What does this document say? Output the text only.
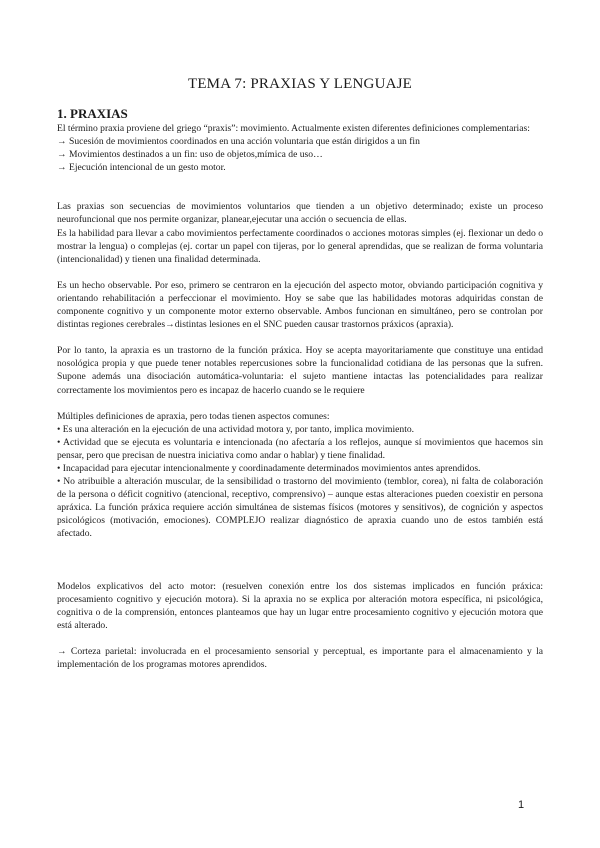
TEMA 7: PRAXIAS Y LENGUAJE
1. PRAXIAS

El término praxia proviene del griego “praxis”: movimiento. Actualmente existen diferentes definiciones complementarias:

→ Sucesión de movimientos coordinados en una acción voluntaria que están dirigidos a un fin

→ Movimientos destinados a un fin: uso de objetos,mímica de uso…

→ Ejecución intencional de un gesto motor.

Las praxias son secuencias de movimientos voluntarios que tienden a un objetivo determinado; existe un proceso neurofuncional que nos permite organizar, planear,ejecutar una acción o secuencia de ellas.

Es la habilidad para llevar a cabo movimientos perfectamente coordinados o acciones motoras simples (ej. flexionar un dedo o mostrar la lengua) o complejas (ej. cortar un papel con tijeras, por lo general aprendidas, que se realizan de forma voluntaria (intencionalidad) y tienen una finalidad determinada.

Es un hecho observable. Por eso, primero se centraron en la ejecución del aspecto motor, obviando participación cognitiva y orientando rehabilitación a perfeccionar el movimiento. Hoy se sabe que las habilidades motoras adquiridas constan de componente cognitivo y un componente motor externo observable. Ambos funcionan en simultáneo, pero se controlan por distintas regiones cerebrales→distintas lesiones en el SNC pueden causar trastornos práxicos (apraxia).

Por lo tanto, la apraxia es un trastorno de la función práxica. Hoy se acepta mayoritariamente que constituye una entidad nosológica propia y que puede tener notables repercusiones sobre la funcionalidad cotidiana de las personas que la sufren. Supone además una disociación automática-voluntaria: el sujeto mantiene intactas las potencialidades para realizar correctamente los movimientos pero es incapaz de hacerlo cuando se le requiere

Múltiples definiciones de apraxia, pero todas tienen aspectos comunes:

• Es una alteración en la ejecución de una actividad motora y, por tanto, implica movimiento.

• Actividad que se ejecuta es voluntaria e intencionada (no afectaría a los reflejos, aunque sí movimientos que hacemos sin pensar, pero que precisan de nuestra iniciativa como andar o hablar) y tiene finalidad.

• Incapacidad para ejecutar intencionalmente y coordinadamente determinados movimientos antes aprendidos.

• No atribuible a alteración muscular, de la sensibilidad o trastorno del movimiento (temblor, corea), ni falta de colaboración de la persona o déficit cognitivo (atencional, receptivo, comprensivo) – aunque estas alteraciones pueden coexistir en persona apráxica. La función práxica requiere acción simultánea de sistemas físicos (motores y sensitivos), de cognición y aspectos psicológicos (motivación, emociones). COMPLEJO realizar diagnóstico de apraxia cuando uno de estos también está afectado.

Modelos explicativos del acto motor: (resuelven conexión entre los dos sistemas implicados en función práxica: procesamiento cognitivo y ejecución motora). Si la apraxia no se explica por alteración motora específica, ni psicológica, cognitiva o de la comprensión, entonces planteamos que hay un lugar entre procesamiento cognitivo y ejecución motora que está alterado.

→ Corteza parietal: involucrada en el procesamiento sensorial y perceptual, es importante para el almacenamiento y la implementación de los programas motores aprendidos.

1
